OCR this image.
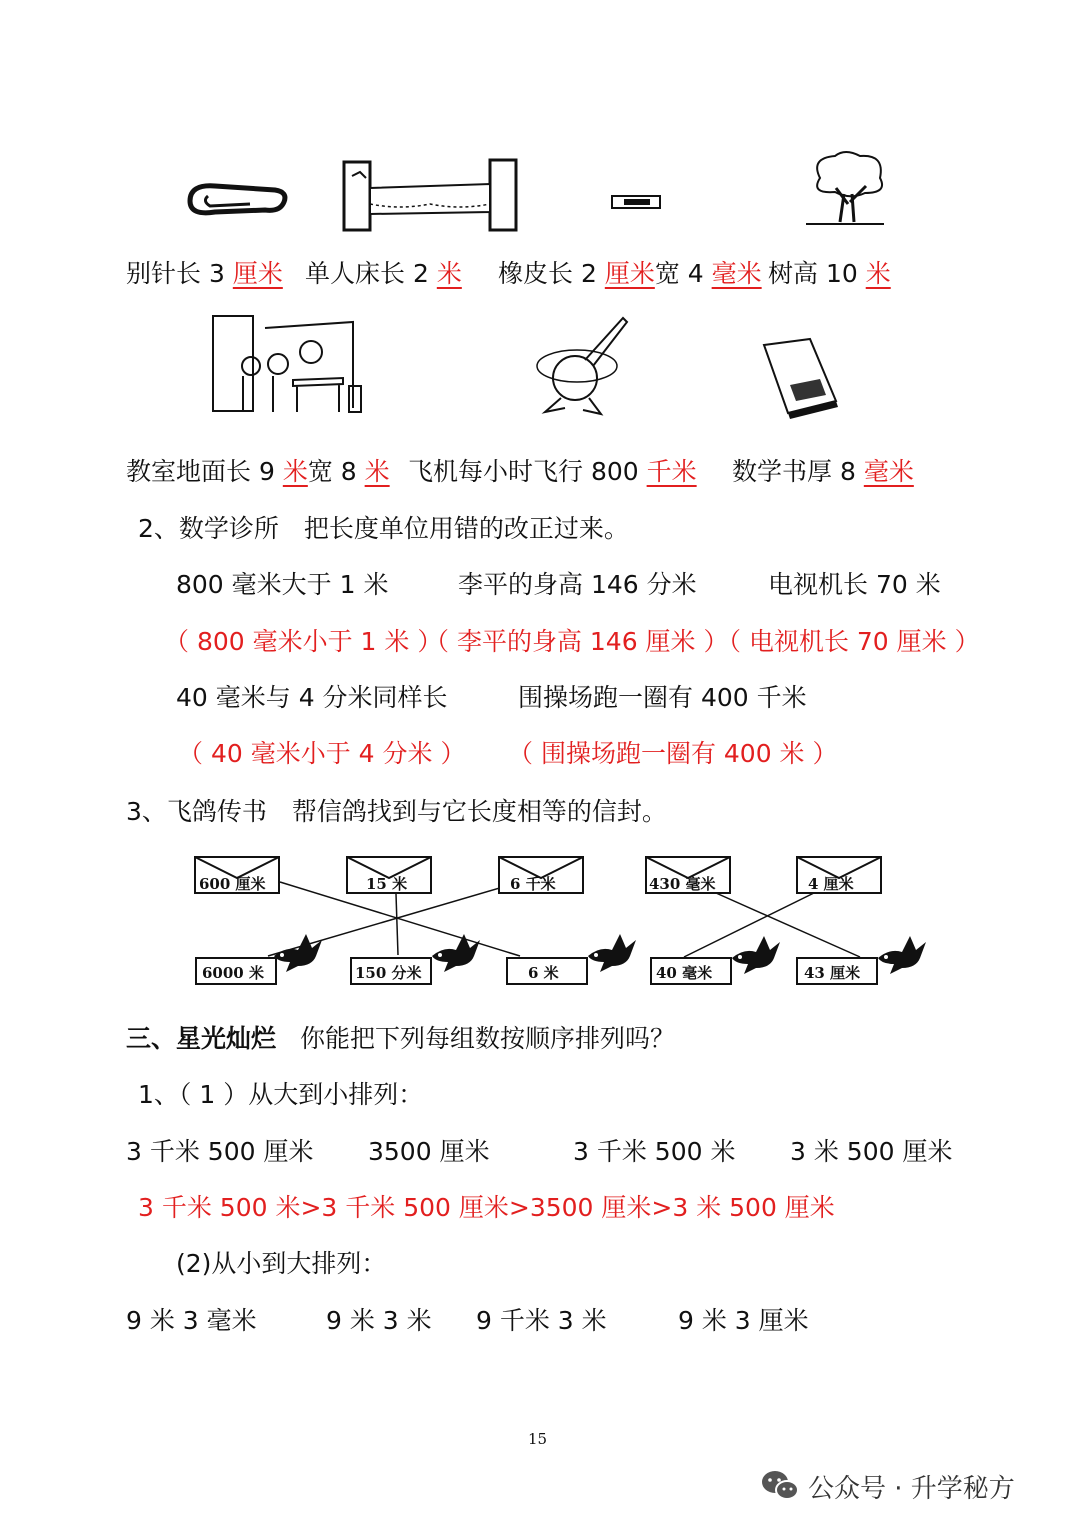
别针长 3 厘米 单人床长 2 米 橡皮长 2 厘米宽 4 毫米 树高 10 米
教室地面长 9 米宽 8 米 飞机每小时飞行 800 千米 数学书厚 8 毫米
2、数学诊所　把长度单位用错的改正过来。
800 毫米大于 1 米	李平的身高 146 分米	电视机长 70 米
（ 800 毫米小于 1 米 ）
（ 李平的身高 146 厘米 ）
（ 电视机长 70 厘米 ）
40 毫米与 4 分米同样长	围操场跑一圈有 400 千米
（ 40 毫米小于 4 分米 ） （ 围操场跑一圈有 400 米 ）
3、飞鸽传书　帮信鸽找到与它长度相等的信封。
600 厘米	15 米	6 千米	430 毫米	4 厘米
6000 米	150 分米	6 米	40 毫米	43 厘米
三、星光灿烂 你能把下列每组数按顺序排列吗？
1、（ 1 ）从大到小排列：
3 千米 500 厘米 3500 厘米	3 千米 500 米 3 米 500 厘米
3 千米 500 米>3 千米 500 厘米>3500 厘米>3 米 500 厘米
(2)从小到大排列：
9 米 3 毫米	9 米 3 米 9 千米 3 米	9 米 3 厘米
15
公众号 · 升学秘方
